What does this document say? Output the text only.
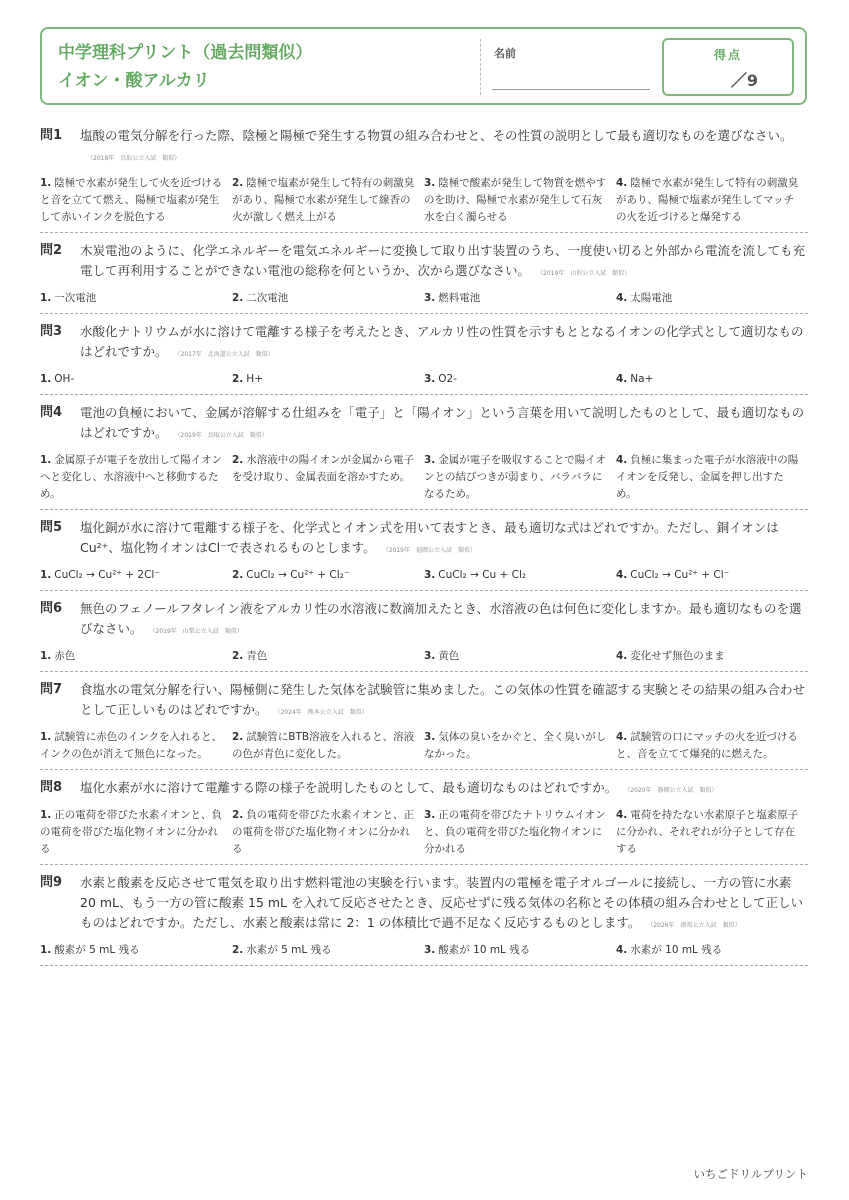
中学理科プリント（過去問類似）
イオン・酸アルカリ
名前	得点
／9
問1	塩酸の電気分解を行った際、陰極と陽極で発生する物質の組み合わせと、その性質の説明として最も適切なものを選びなさい。（2018年　鳥取公立入試　類似）
1. 陰極で水素が発生して火を近づけると音を立てて燃え、陽極で塩素が発生して赤いインクを脱色する
2. 陰極で塩素が発生して特有の刺激臭があり、陽極で水素が発生して線香の火が激しく燃え上がる
3. 陰極で酸素が発生して物質を燃やすのを助け、陽極で水素が発生して石灰水を白く濁らせる
4. 陰極で水素が発生して特有の刺激臭があり、陽極で塩素が発生してマッチの火を近づけると爆発する
問2	木炭電池のように、化学エネルギーを電気エネルギーに変換して取り出す装置のうち、一度使い切ると外部から電流を流しても充電して再利用することができない電池の総称を何というか、次から選びなさい。 （2019年　山形公立入試　類似）
1. 一次電池	2. 二次電池	3. 燃料電池	4. 太陽電池
問3	水酸化ナトリウムが水に溶けて電離する様子を考えたとき、アルカリ性の性質を示すもととなるイオンの化学式として適切なものはどれですか。 （2017年　北海道公立入試　類似）
1. OH-	2. H+	3. O2-	4. Na+
問4	電池の負極において、金属が溶解する仕組みを「電子」と「陽イオン」という言葉を用いて説明したものとして、最も適切なものはどれですか。 （2019年　鳥取公立入試　類似）
1. 金属原子が電子を放出して陽イオンへと変化し、水溶液中へと移動するため。
2. 水溶液中の陽イオンが金属から電子を受け取り、金属表面を溶かすため。
3. 金属が電子を吸収することで陽イオンとの結びつきが弱まり、バラバラになるため。
4. 負極に集まった電子が水溶液中の陽イオンを反発し、金属を押し出すため。
問5	塩化銅が水に溶けて電離する様子を、化学式とイオン式を用いて表すとき、最も適切な式はどれですか。ただし、銅イオンはCu²⁺、塩化物イオンはCl⁻で表されるものとします。 （2019年　福岡公立入試　類似）
1. CuCl₂ → Cu²⁺ + 2Cl⁻	2. CuCl₂ → Cu²⁺ + Cl₂⁻	3. CuCl₂ → Cu + Cl₂	4. CuCl₂ → Cu²⁺ + Cl⁻
問6	無色のフェノールフタレイン液をアルカリ性の水溶液に数滴加えたとき、水溶液の色は何色に変化しますか。最も適切なものを選びなさい。 （2019年　山梨公立入試　類似）
1. 赤色	2. 青色	3. 黄色	4. 変化せず無色のまま
問7	食塩水の電気分解を行い、陽極側に発生した気体を試験管に集めました。この気体の性質を確認する実験とその結果の組み合わせとして正しいものはどれですか。 （2024年　熊本公立入試　類似）
1. 試験管に赤色のインクを入れると、インクの色が消えて無色になった。
2. 試験管にBTB溶液を入れると、溶液の色が青色に変化した。
3. 気体の臭いをかぐと、全く臭いがしなかった。
4. 試験管の口にマッチの火を近づけると、音を立てて爆発的に燃えた。
問8	塩化水素が水に溶けて電離する際の様子を説明したものとして、最も適切なものはどれですか。 （2020年　静岡公立入試　類似）
1. 正の電荷を帯びた水素イオンと、負の電荷を帯びた塩化物イオンに分かれる
2. 負の電荷を帯びた水素イオンと、正の電荷を帯びた塩化物イオンに分かれる
3. 正の電荷を帯びたナトリウムイオンと、負の電荷を帯びた塩化物イオンに分かれる
4. 電荷を持たない水素原子と塩素原子に分かれ、それぞれが分子として存在する
問9	水素と酸素を反応させて電気を取り出す燃料電池の実験を行います。装置内の電極を電子オルゴールに接続し、一方の管に水素 20 mL、もう一方の管に酸素 15 mL を入れて反応させたとき、反応せずに残る気体の名称とその体積の組み合わせとして正しいものはどれですか。ただし、水素と酸素は常に 2：1 の体積比で過不足なく反応するものとします。 （2026年　群馬公立入試　類似）
1. 酸素が 5 mL 残る	2. 水素が 5 mL 残る	3. 酸素が 10 mL 残る	4. 水素が 10 mL 残る
いちごドリルプリント
